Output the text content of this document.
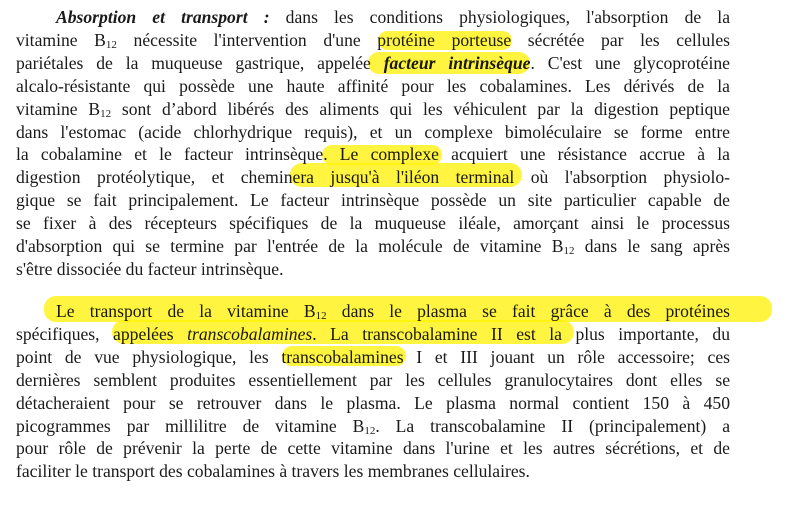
Absorption et transport : dans les conditions physiologiques, l'absorption de la
vitamine $B_{12}$ nécessite l'intervention d'une protéine porteuse sécrétée par les cellules
pariétales de la muqueuse gastrique, appelée facteur intrinsèque. C'est une glycoprotéine
alcalo-résistante qui possède une haute affinité pour les cobalamines. Les dérivés de la
vitamine $B_{12}$ sont d’abord libérés des aliments qui les véhiculent par la digestion peptique
dans l'estomac (acide chlorhydrique requis), et un complexe bimoléculaire se forme entre
la cobalamine et le facteur intrinsèque. Le complexe acquiert une résistance accrue à la
digestion protéolytique, et cheminera jusqu'à l'iléon terminal où l'absorption physiolo-
gique se fait principalement. Le facteur intrinsèque possède un site particulier capable de
se fixer à des récepteurs spécifiques de la muqueuse iléale, amorçant ainsi le processus
d'absorption qui se termine par l'entrée de la molécule de vitamine $B_{12}$ dans le sang après
s'être dissociée du facteur intrinsèque.
Le transport de la vitamine $B_{12}$ dans le plasma se fait grâce à des protéines
spécifiques, appelées transcobalamines. La transcobalamine II est la plus importante, du
point de vue physiologique, les transcobalamines I et III jouant un rôle accessoire; ces
dernières semblent produites essentiellement par les cellules granulocytaires dont elles se
détacheraient pour se retrouver dans le plasma. Le plasma normal contient 150 à 450
picogrammes par millilitre de vitamine $B_{12}$. La transcobalamine II (principalement) a
pour rôle de prévenir la perte de cette vitamine dans l'urine et les autres sécrétions, et de
faciliter le transport des cobalamines à travers les membranes cellulaires.
